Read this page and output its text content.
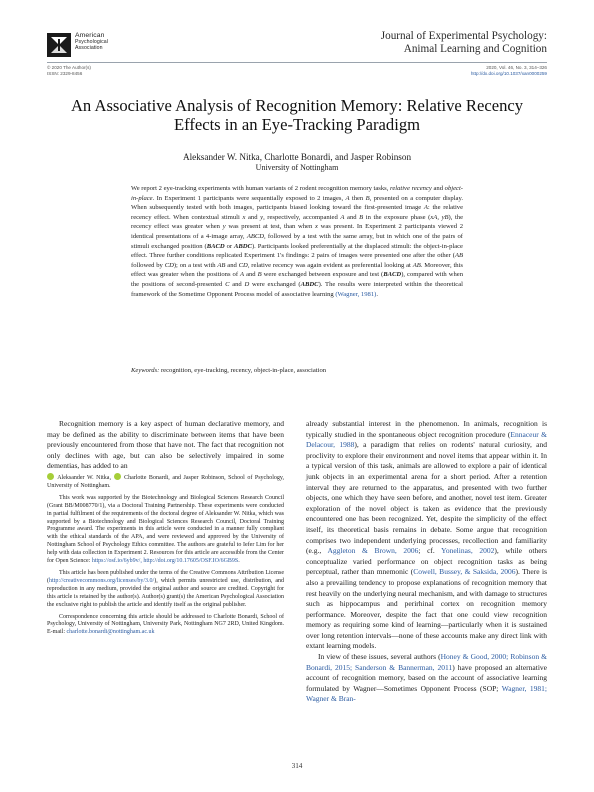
American
Psychological
Association
Journal of Experimental Psychology:
Animal Learning and Cognition
© 2020 The Author(s)
ISSN: 2329-8456
2020, Vol. 46, No. 3, 314–326
http://dx.doi.org/10.1037/xan0000259
An Associative Analysis of Recognition Memory: Relative Recency Effects in an Eye-Tracking Paradigm
Aleksander W. Nitka, Charlotte Bonardi, and Jasper Robinson
University of Nottingham
We report 2 eye-tracking experiments with human variants of 2 rodent recognition memory tasks, relative recency and object-in-place. In Experiment 1 participants were sequentially exposed to 2 images, A then B, presented on a computer display. When subsequently tested with both images, participants biased looking toward the first-presented image A: the relative recency effect. When contextual stimuli x and y, respectively, accompanied A and B in the exposure phase (xA, yB), the recency effect was greater when y was present at test, than when x was present. In Experiment 2 participants viewed 2 identical presentations of a 4-image array, ABCD, followed by a test with the same array, but in which one of the pairs of stimuli exchanged position (BACD or ABDC). Participants looked preferentially at the displaced stimuli: the object-in-place effect. Three further conditions replicated Experiment 1's findings: 2 pairs of images were presented one after the other (AB followed by CD); on a test with AB and CD, relative recency was again evident as preferential looking at AB. Moreover, this effect was greater when the positions of A and B were exchanged between exposure and test (BACD), compared with when the positions of second-presented C and D were exchanged (ABDC). The results were interpreted within the theoretical framework of the Sometime Opponent Process model of associative learning (Wagner, 1981).
Keywords: recognition, eye-tracking, recency, object-in-place, association

Recognition memory is a key aspect of human declarative memory, and may be defined as the ability to discriminate between items that have been previously encountered from those that have not. The fact that recognition not only declines with age, but can also be selectively impaired in some dementias, has added to an

Aleksander W. Nitka, Charlotte Bonardi, and Jasper Robinson, School of Psychology, University of Nottingham.

This work was supported by the Biotechnology and Biological Sciences Research Council (Grant BB/M008770/1), via a Doctoral Training Partnership. These experiments were conducted in partial fulfilment of the requirements of the doctoral degree of Aleksander W. Nitka, which was supported by a Biotechnology and Biological Sciences Research Council, Doctoral Training Programme award. The experiments in this article were conducted in a manner fully compliant with the ethical standards of the APA, and were reviewed and approved by the University of Nottingham School of Psychology Ethics committee. The authors are grateful to Iefer Lim for her help with data collection in Experiment 2. Resources for this article are accessible from the Center for Open Science: https://osf.io/6yb9v/, http://doi.org/10.17605/OSF.IO/6GB9S.

This article has been published under the terms of the Creative Commons Attribution License (http://creativecommons.org/licenses/by/3.0/), which permits unrestricted use, distribution, and reproduction in any medium, provided the original author and source are credited. Copyright for this article is retained by the author(s). Author(s) grant(s) the American Psychological Association the exclusive right to publish the article and identify itself as the original publisher.

Correspondence concerning this article should be addressed to Charlotte Bonardi, School of Psychology, University of Nottingham, University Park, Nottingham NG7 2RD, United Kingdom. E-mail: charlotte.bonardi@nottingham.ac.uk

already substantial interest in the phenomenon. In animals, recognition is typically studied in the spontaneous object recognition procedure (Ennaceur & Delacour, 1988), a paradigm that relies on rodents' natural curiosity, and proclivity to explore their environment and novel items that appear within it. In a typical version of this task, animals are allowed to explore a pair of identical junk objects in an experimental arena for a short period. After a retention interval they are returned to the apparatus, and presented with two further objects, one which they have seen before, and another, novel test item. Greater exploration of the novel object is taken as evidence that the previously encountered one has been recognized. Yet, despite the simplicity of the effect itself, its theoretical basis remains in debate. Some argue that recognition comprises two independent underlying processes, recollection and familiarity (e.g., Aggleton & Brown, 2006; cf. Yonelinas, 2002), while others conceptualize varied performance on object recognition tasks as being perceptual, rather than mnemonic (Cowell, Bussey, & Saksida, 2006). There is also a prevailing tendency to propose explanations of recognition memory that rest heavily on the underlying neural mechanism, and with damage to structures such as hippocampus and perirhinal cortex on recognition memory performance. Moreover, despite the fact that one could view recognition memory as requiring some kind of learning—particularly when it is sustained over long retention intervals—none of these accounts make any direct link with extant learning models.

In view of these issues, several authors (Honey & Good, 2000; Robinson & Bonardi, 2015; Sanderson & Bannerman, 2011) have proposed an alternative account of recognition memory, based on the account of associative learning formulated by Wagner—Sometimes Opponent Process (SOP; Wagner, 1981; Wagner & Bran-

314
